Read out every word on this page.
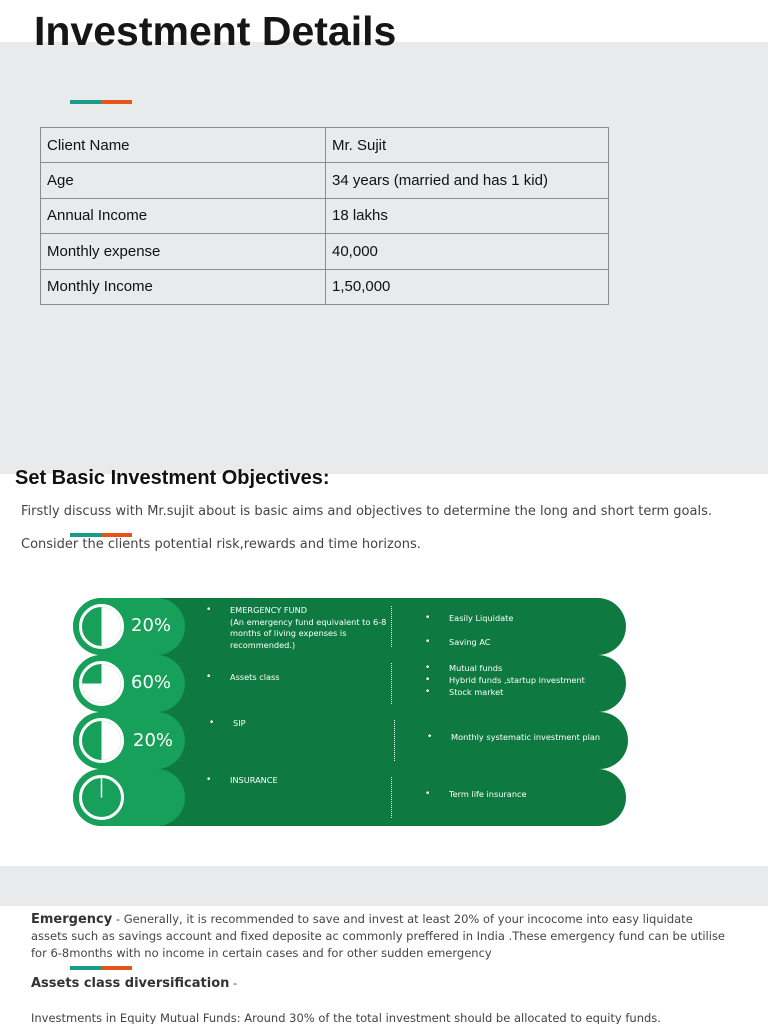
Investment Details
Client Name	Mr. Sujit
Age	34 years (married and has 1 kid)
Annual Income	18 lakhs
Monthly expense	40,000
Monthly Income	1,50,000
Set Basic Investment Objectives:
Firstly discuss with Mr.sujit about is basic aims and objectives to determine the long and short term goals.
Consider the clients potential risk,rewards and time horizons.
20%
• EMERGENCY FUND
(An emergency fund equivalent to 6-8
months of living expenses is
recommended.)
• Easily Liquidate
• Saving AC
60%	• Assets class
• Mutual funds
• Hybrid funds ,startup investment
• Stock market
20%
• SIP
• Monthly systematic investment plan
• INSURANCE
• Term life insurance
Emergency - Generally, it is recommended to save and invest at least 20% of your incocome into easy liquidate assets such as savings account and fixed deposite ac commonly preffered in India .These emergency fund can be utilise for 6-8months with no income in certain cases and for other sudden emergency
Assets class diversification -
Investments in Equity Mutual Funds: Around 30% of the total investment should be allocated to equity funds.
